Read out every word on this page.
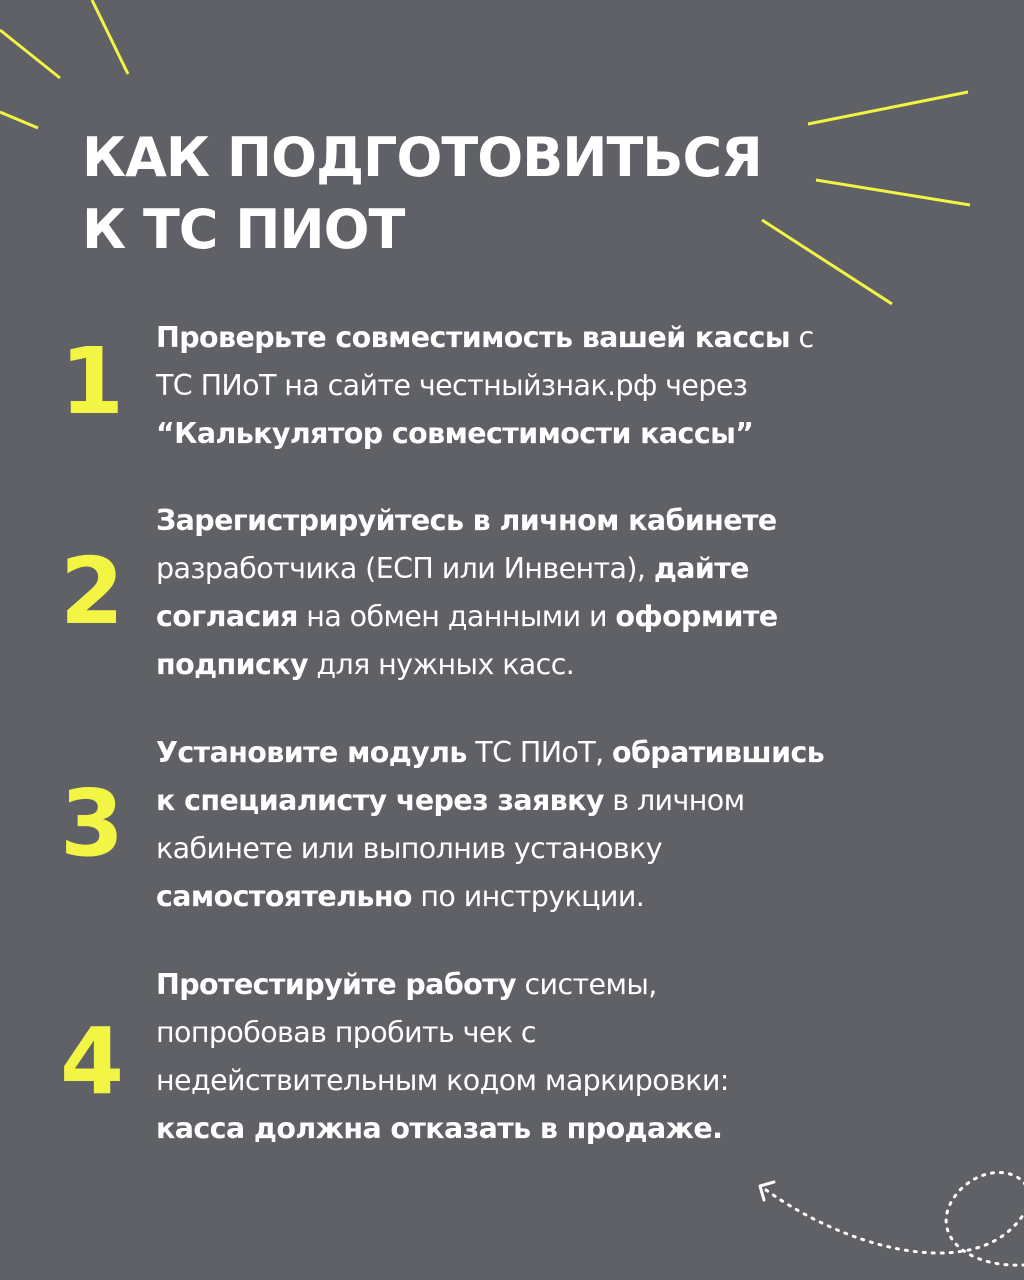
КАК ПОДГОТОВИТЬСЯ
К ТС ПИОТ
1	Проверьте совместимость вашей кассы с
ТС ПИоТ на сайте честныйзнак.рф через
“Калькулятор совместимости кассы”

2

Зарегистрируйтесь в личном кабинете
разработчика (ЕСП или Инвента), дайте
согласия на обмен данными и оформите
подписку для нужных касс.

3

Установите модуль ТС ПИоТ, обратившись
к специалисту через заявку в личном
кабинете или выполнив установку
самостоятельно по инструкции.

4

Протестируйте работу системы,
попробовав пробить чек с
недействительным кодом маркировки:
касса должна отказать в продаже.
